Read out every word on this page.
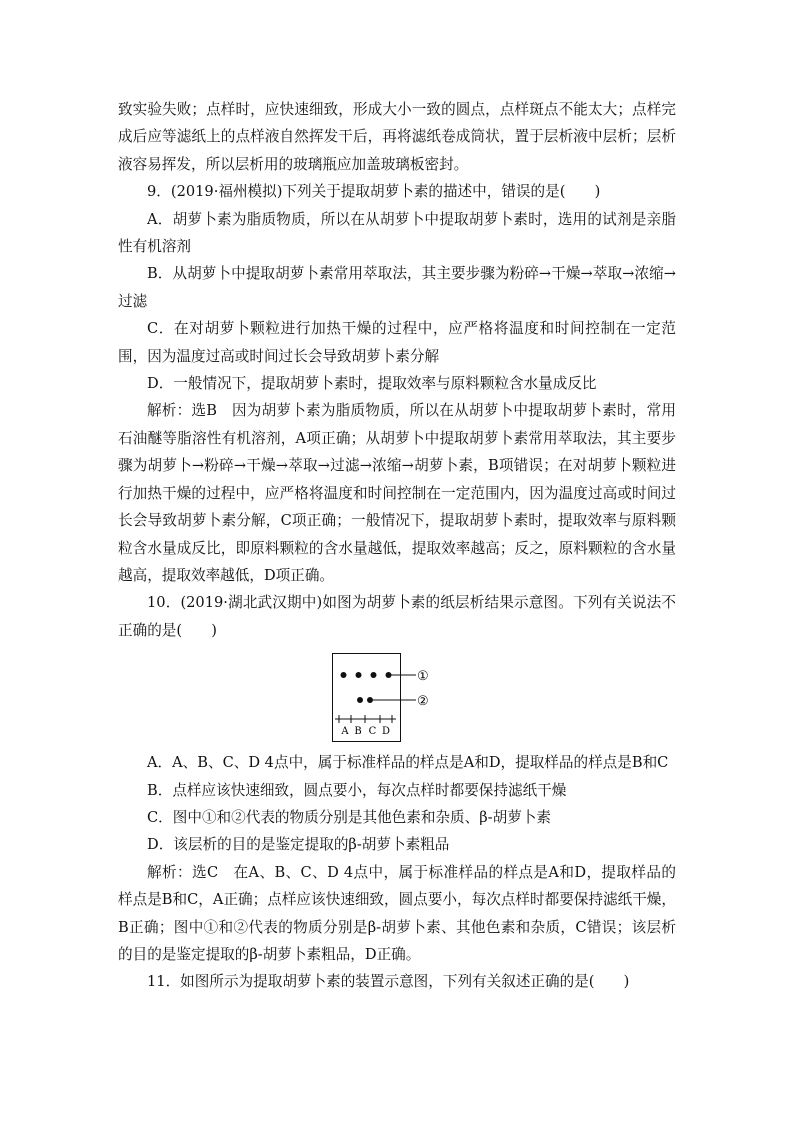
致实验失败；点样时，应快速细致，形成大小一致的圆点，点样斑点不能太大；点样完成后应等滤纸上的点样液自然挥发干后，再将滤纸卷成筒状，置于层析液中层析；层析液容易挥发，所以层析用的玻璃瓶应加盖玻璃板密封。

9．(2019·福州模拟)下列关于提取胡萝卜素的描述中，错误的是(　　)

A．胡萝卜素为脂质物质，所以在从胡萝卜中提取胡萝卜素时，选用的试剂是亲脂性有机溶剂

B．从胡萝卜中提取胡萝卜素常用萃取法，其主要步骤为粉碎→干燥→萃取→浓缩→过滤

C．在对胡萝卜颗粒进行加热干燥的过程中，应严格将温度和时间控制在一定范围，因为温度过高或时间过长会导致胡萝卜素分解

D．一般情况下，提取胡萝卜素时，提取效率与原料颗粒含水量成反比

解析：选B　因为胡萝卜素为脂质物质，所以在从胡萝卜中提取胡萝卜素时，常用石油醚等脂溶性有机溶剂，A项正确；从胡萝卜中提取胡萝卜素常用萃取法，其主要步骤为胡萝卜→粉碎→干燥→萃取→过滤→浓缩→胡萝卜素，B项错误；在对胡萝卜颗粒进行加热干燥的过程中，应严格将温度和时间控制在一定范围内，因为温度过高或时间过长会导致胡萝卜素分解，C项正确；一般情况下，提取胡萝卜素时，提取效率与原料颗粒含水量成反比，即原料颗粒的含水量越低，提取效率越高；反之，原料颗粒的含水量越高，提取效率越低，D项正确。

10．(2019·湖北武汉期中)如图为胡萝卜素的纸层析结果示意图。下列有关说法不正确的是(　　)

①
②
A B C D

A．A、B、C、D 4点中，属于标准样品的样点是A和D，提取样品的样点是B和C

B．点样应该快速细致，圆点要小，每次点样时都要保持滤纸干燥

C．图中①和②代表的物质分别是其他色素和杂质、β-胡萝卜素

D．该层析的目的是鉴定提取的β-胡萝卜素粗品

解析：选C　在A、B、C、D 4点中，属于标准样品的样点是A和D，提取样品的样点是B和C，A正确；点样应该快速细致，圆点要小，每次点样时都要保持滤纸干燥，B正确；图中①和②代表的物质分别是β-胡萝卜素、其他色素和杂质，C错误；该层析的目的是鉴定提取的β-胡萝卜素粗品，D正确。

11．如图所示为提取胡萝卜素的装置示意图，下列有关叙述正确的是(　　)
